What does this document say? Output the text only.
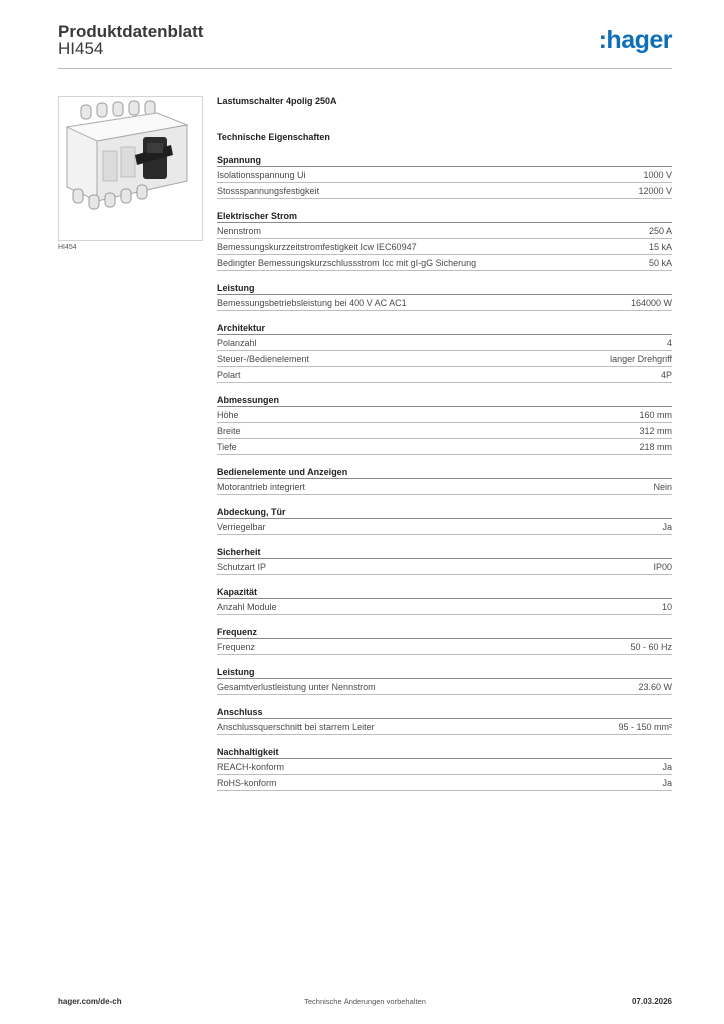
Produktdatenblatt
HI454	:hager
HI454
Lastumschalter 4polig 250A
Technische Eigenschaften
Spannung
Isolationsspannung Ui	1000 V
Stossspannungsfestigkeit	12000 V
Elektrischer Strom
Nennstrom	250 A
Bemessungskurzzeitstromfestigkeit Icw IEC60947	15 kA
Bedingter Bemessungskurzschlussstrom Icc mit gI-gG Sicherung	50 kA
Leistung
Bemessungsbetriebsleistung bei 400 V AC AC1	164000 W
Architektur
Polanzahl	4
Steuer-/Bedienelement	langer Drehgriff
Polart	4P
Abmessungen
Höhe	160 mm
Breite	312 mm
Tiefe	218 mm
Bedienelemente und Anzeigen
Motorantrieb integriert	Nein
Abdeckung, Tür
Verriegelbar	Ja
Sicherheit
Schutzart IP	IP00
Kapazität
Anzahl Module	10
Frequenz
Frequenz	50 - 60 Hz
Leistung
Gesamtverlustleistung unter Nennstrom	23.60 W
Anschluss
Anschlussquerschnitt bei starrem Leiter	95 - 150 mm²
Nachhaltigkeit
REACH-konform	Ja
RoHS-konform	Ja
hager.com/de-ch	Technische Änderungen vorbehalten	07.03.2026
